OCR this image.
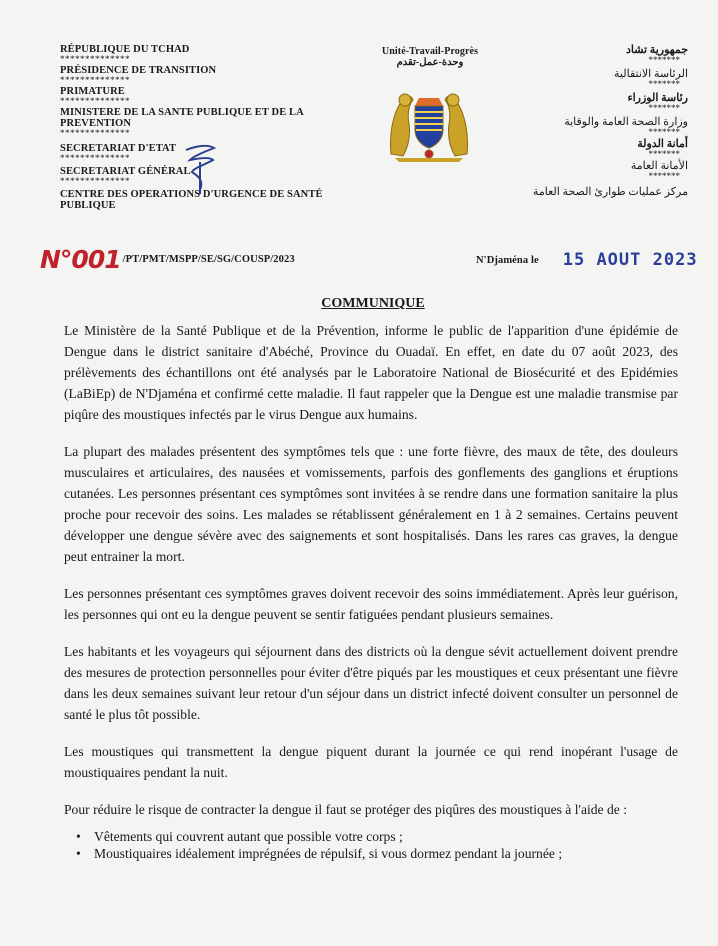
RÉPUBLIQUE DU TCHAD
**************
PRÉSIDENCE DE TRANSITION
**************
PRIMATURE
**************
MINISTERE DE LA SANTE PUBLIQUE ET DE LA
PREVENTION
**************
SECRETARIAT D'ETAT
**************
SECRETARIAT GÉNÉRAL
**************
CENTRE DES OPERATIONS D'URGENCE DE SANTÉ
PUBLIQUE
Unité-Travail-Progrès
وحدة-عمل-تقدم
جمهورية تشاد
*******
الرئاسة الانتقالية
*******
رئاسة الوزراء
*******
وزارة الصحة العامة والوقاية
*******
أمانة الدولة
*******
الأمانة العامة
*******
مركز عمليات طوارئ الصحة العامة
N°001 /PT/PMT/MSPP/SE/SG/COUSP/2023	N'Djaména le 15 AOUT 2023
COMMUNIQUE

Le Ministère de la Santé Publique et de la Prévention, informe le public de l'apparition d'une épidémie de Dengue dans le district sanitaire d'Abéché, Province du Ouadaï. En effet, en date du 07 août 2023, des prélèvements des échantillons ont été analysés par le Laboratoire National de Biosécurité et des Epidémies (LaBiEp) de N'Djaména et confirmé cette maladie. Il faut rappeler que la Dengue est une maladie transmise par piqûre des moustiques infectés par le virus Dengue aux humains.

La plupart des malades présentent des symptômes tels que : une forte fièvre, des maux de tête, des douleurs musculaires et articulaires, des nausées et vomissements, parfois des gonflements des ganglions et éruptions cutanées. Les personnes présentant ces symptômes sont invitées à se rendre dans une formation sanitaire la plus proche pour recevoir des soins. Les malades se rétablissent généralement en 1 à 2 semaines. Certains peuvent développer une dengue sévère avec des saignements et sont hospitalisés. Dans les rares cas graves, la dengue peut entrainer la mort.

Les personnes présentant ces symptômes graves doivent recevoir des soins immédiatement. Après leur guérison, les personnes qui ont eu la dengue peuvent se sentir fatiguées pendant plusieurs semaines.

Les habitants et les voyageurs qui séjournent dans des districts où la dengue sévit actuellement doivent prendre des mesures de protection personnelles pour éviter d'être piqués par les moustiques et ceux présentant une fièvre dans les deux semaines suivant leur retour d'un séjour dans un district infecté doivent consulter un personnel de santé le plus tôt possible.

Les moustiques qui transmettent la dengue piquent durant la journée ce qui rend inopérant l'usage de moustiquaires pendant la nuit.

Pour réduire le risque de contracter la dengue il faut se protéger des piqûres des moustiques à l'aide de :

• Vêtements qui couvrent autant que possible votre corps ;
• Moustiquaires idéalement imprégnées de répulsif, si vous dormez pendant la journée ;
